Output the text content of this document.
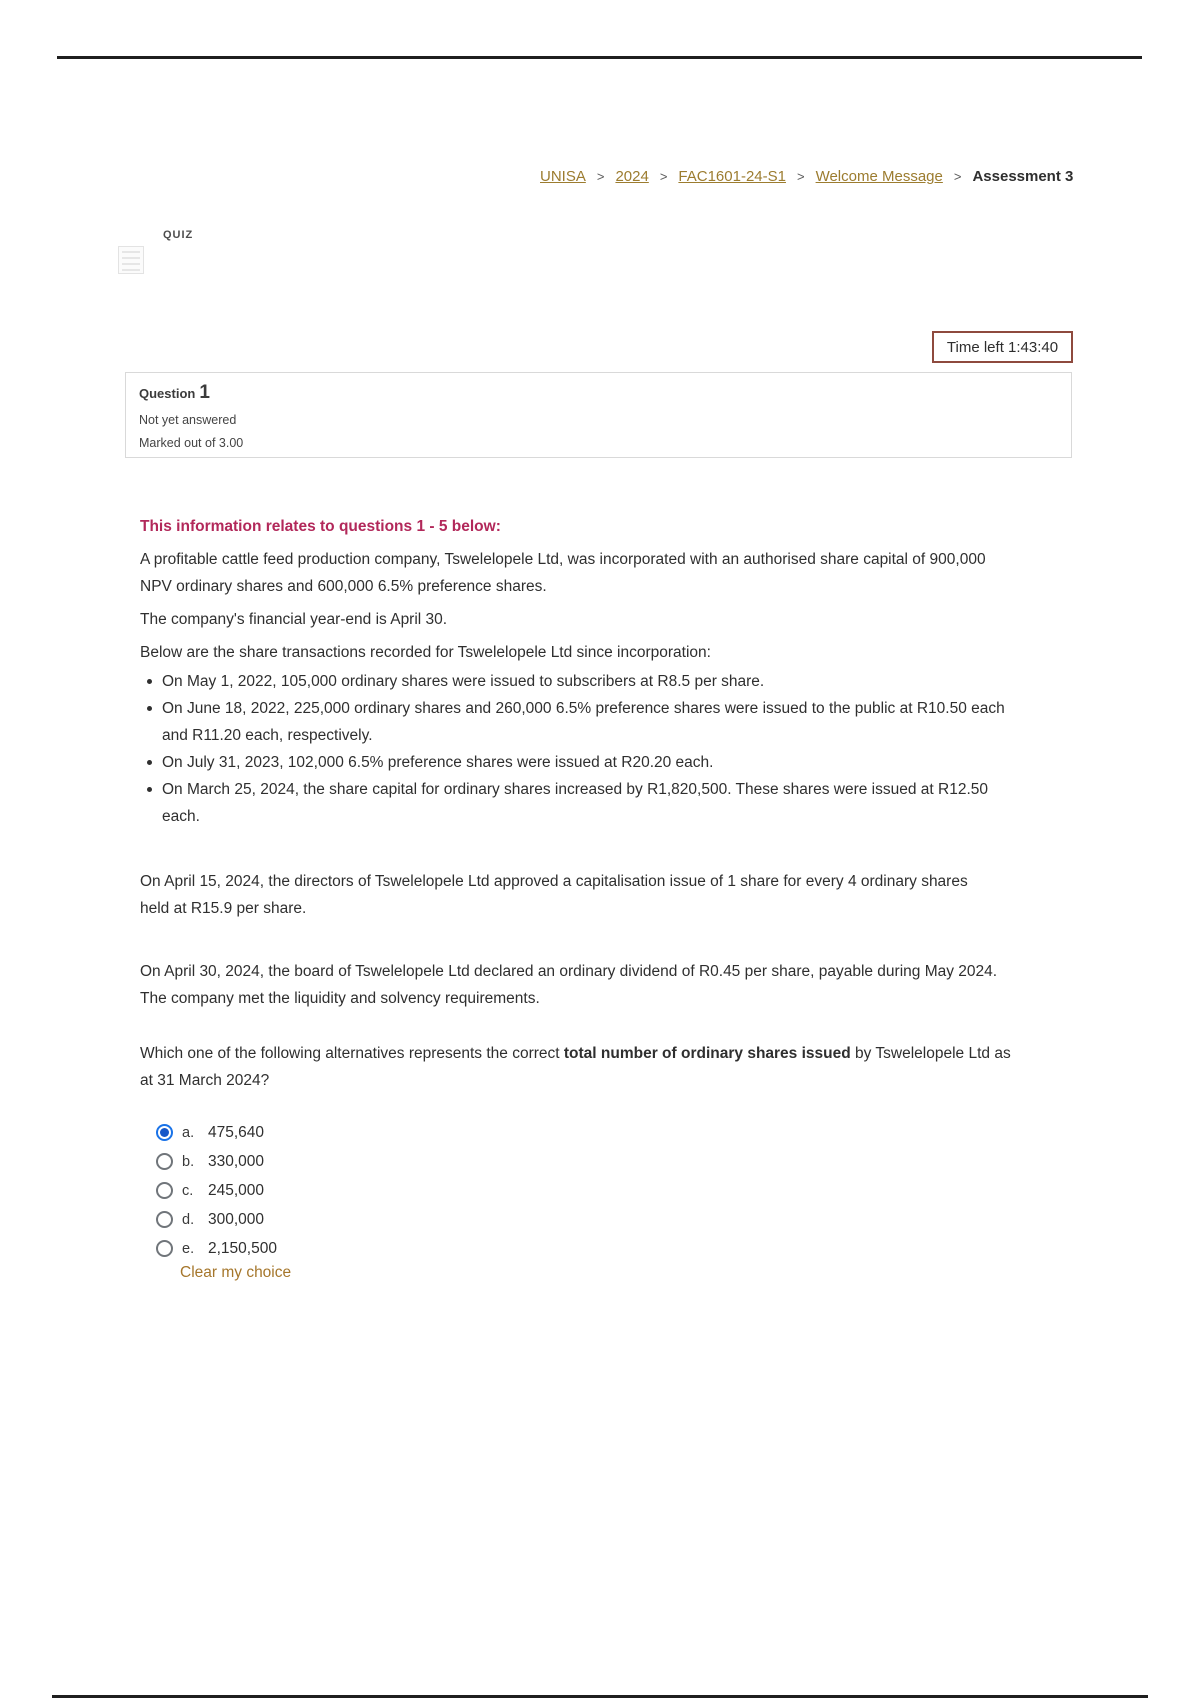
UNISA > 2024 > FAC1601-24-S1 > Welcome Message > Assessment 3
QUIZ
Time left 1:43:40
Question 1
Not yet answered
Marked out of 3.00
This information relates to questions 1 - 5 below:
A profitable cattle feed production company, Tswelelopele Ltd, was incorporated with an authorised share capital of 900,000
NPV ordinary shares and 600,000 6.5% preference shares.
The company's financial year-end is April 30.
Below are the share transactions recorded for Tswelelopele Ltd since incorporation:
On May 1, 2022, 105,000 ordinary shares were issued to subscribers at R8.5 per share.
On June 18, 2022, 225,000 ordinary shares and 260,000 6.5% preference shares were issued to the public at R10.50 each
and R11.20 each, respectively.
On July 31, 2023, 102,000 6.5% preference shares were issued at R20.20 each.
On March 25, 2024, the share capital for ordinary shares increased by R1,820,500. These shares were issued at R12.50
each.
On April 15, 2024, the directors of Tswelelopele Ltd approved a capitalisation issue of 1 share for every 4 ordinary shares
held at R15.9 per share.
On April 30, 2024, the board of Tswelelopele Ltd declared an ordinary dividend of R0.45 per share, payable during May 2024.
The company met the liquidity and solvency requirements.
Which one of the following alternatives represents the correct total number of ordinary shares issued by Tswelelopele Ltd as
at 31 March 2024?
a. 475,640
b. 330,000
c. 245,000
d. 300,000
e. 2,150,500
Clear my choice
